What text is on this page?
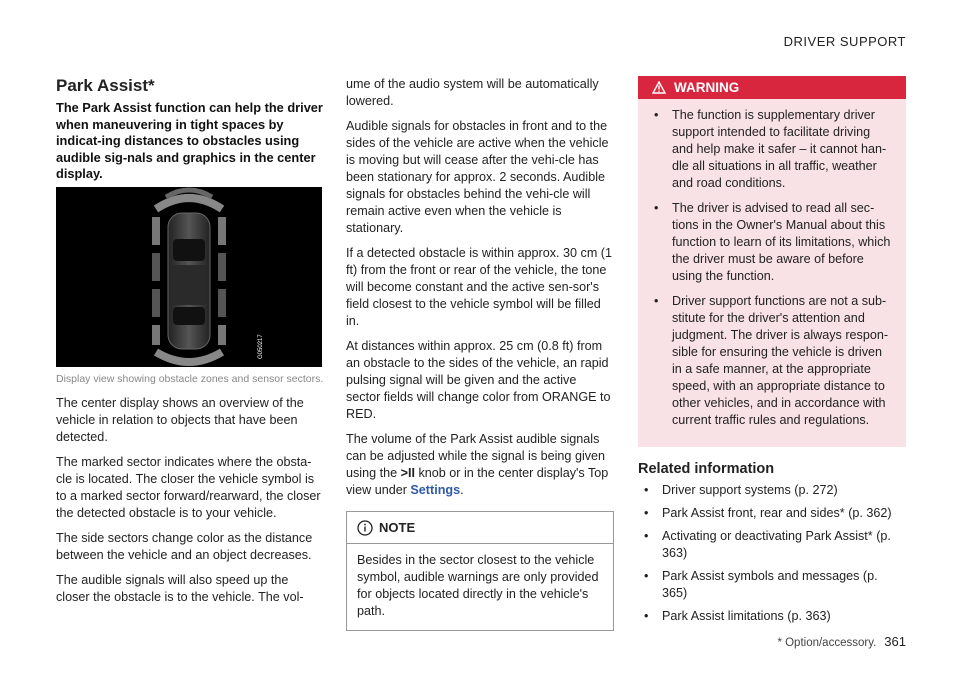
DRIVER SUPPORT
Park Assist*

The Park Assist function can help the driver when maneuvering in tight spaces by indicat-ing distances to obstacles using audible sig-nals and graphics in the center display.

G050217
Display view showing obstacle zones and sensor sectors.

The center display shows an overview of the vehicle in relation to objects that have been detected.

The marked sector indicates where the obsta-cle is located. The closer the vehicle symbol is to a marked sector forward/rearward, the closer the detected obstacle is to your vehicle.

The side sectors change color as the distance between the vehicle and an object decreases.

The audible signals will also speed up the closer the obstacle is to the vehicle. The vol-

ume of the audio system will be automatically lowered.

Audible signals for obstacles in front and to the sides of the vehicle are active when the vehicle is moving but will cease after the vehi-cle has been stationary for approx. 2 seconds. Audible signals for obstacles behind the vehi-cle will remain active even when the vehicle is stationary.

If a detected obstacle is within approx. 30 cm (1 ft) from the front or rear of the vehicle, the tone will become constant and the active sen-sor's field closest to the vehicle symbol will be filled in.

At distances within approx. 25 cm (0.8 ft) from an obstacle to the sides of the vehicle, an rapid pulsing signal will be given and the active sector fields will change color from ORANGE to RED.

The volume of the Park Assist audible signals can be adjusted while the signal is being given using the >II knob or in the center display's Top view under Settings.

NOTE
Besides in the sector closest to the vehicle symbol, audible warnings are only provided for objects located directly in the vehicle's path.
WARNING
• The function is supplementary driver support intended to facilitate driving and help make it safer – it cannot han-dle all situations in all traffic, weather and road conditions.
• The driver is advised to read all sec-tions in the Owner's Manual about this function to learn of its limitations, which the driver must be aware of before using the function.
• Driver support functions are not a sub-stitute for the driver's attention and judgment. The driver is always respon-sible for ensuring the vehicle is driven in a safe manner, at the appropriate speed, with an appropriate distance to other vehicles, and in accordance with current traffic rules and regulations.
Related information
• Driver support systems (p. 272)
• Park Assist front, rear and sides* (p. 362)
• Activating or deactivating Park Assist* (p. 363)
• Park Assist symbols and messages (p. 365)
• Park Assist limitations (p. 363)
* Option/accessory. 361
